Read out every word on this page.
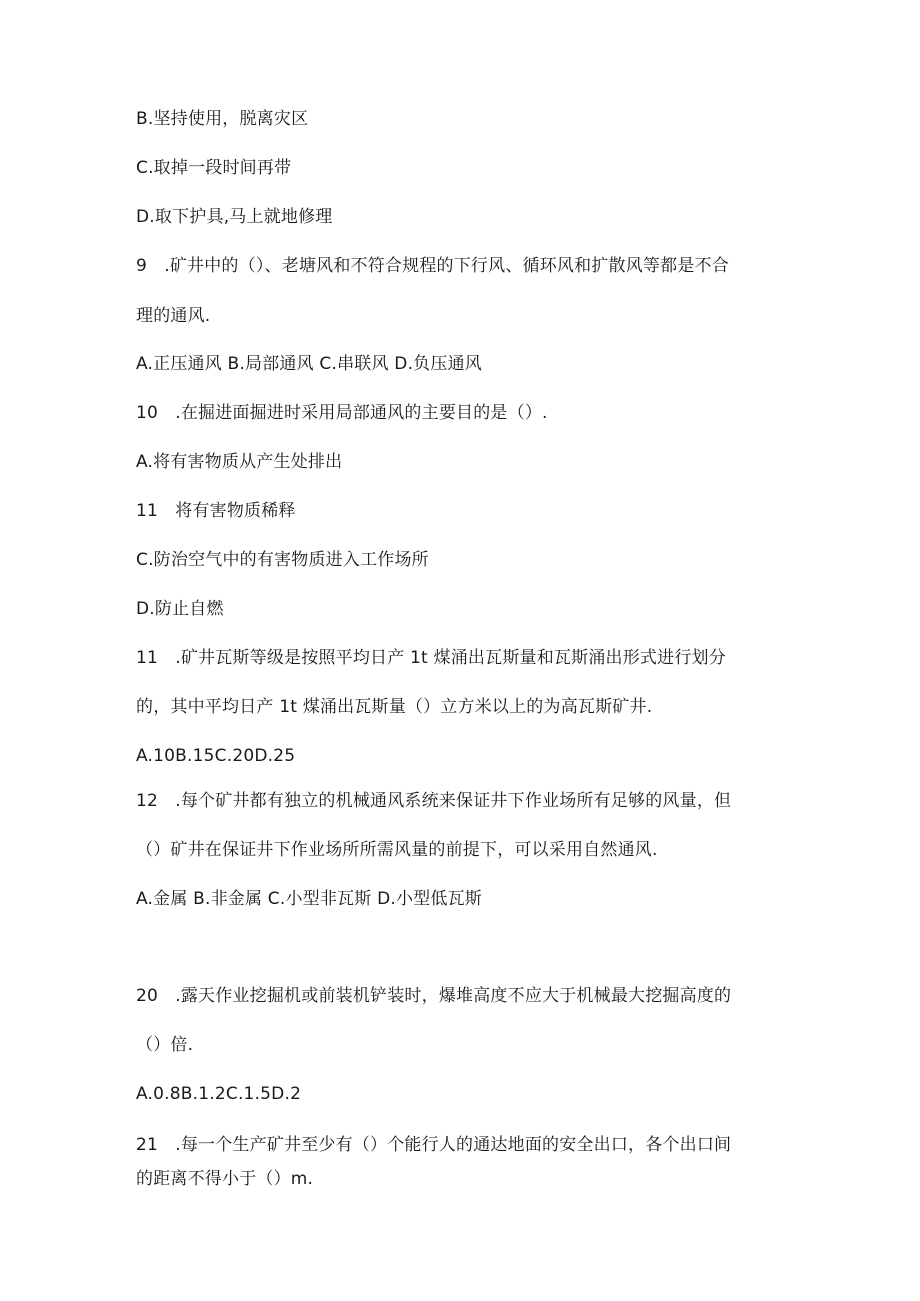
B.坚持使用，脱离灾区
C.取掉一段时间再带
D.取下护具,马上就地修理
9　.矿井中的（）、老塘风和不符合规程的下行风、循环风和扩散风等都是不合
理的通风.
A.正压通风 B.局部通风 C.串联风 D.负压通风
10　.在掘进面掘进时采用局部通风的主要目的是（）.
A.将有害物质从产生处排出
11　将有害物质稀释
C.防治空气中的有害物质进入工作场所
D.防止自燃
11　.矿井瓦斯等级是按照平均日产 1t 煤涌出瓦斯量和瓦斯涌出形式进行划分
的，其中平均日产 1t 煤涌出瓦斯量（）立方米以上的为高瓦斯矿井.
A.10B.15C.20D.25
12　.每个矿井都有独立的机械通风系统来保证井下作业场所有足够的风量，但
（）矿井在保证井下作业场所所需风量的前提下，可以采用自然通风.
A.金属 B.非金属 C.小型非瓦斯 D.小型低瓦斯
20　.露天作业挖掘机或前装机铲装时，爆堆高度不应大于机械最大挖掘高度的
（）倍.
A.0.8B.1.2C.1.5D.2
21　.每一个生产矿井至少有（）个能行人的通达地面的安全出口，各个出口间
的距离不得小于（）m.
